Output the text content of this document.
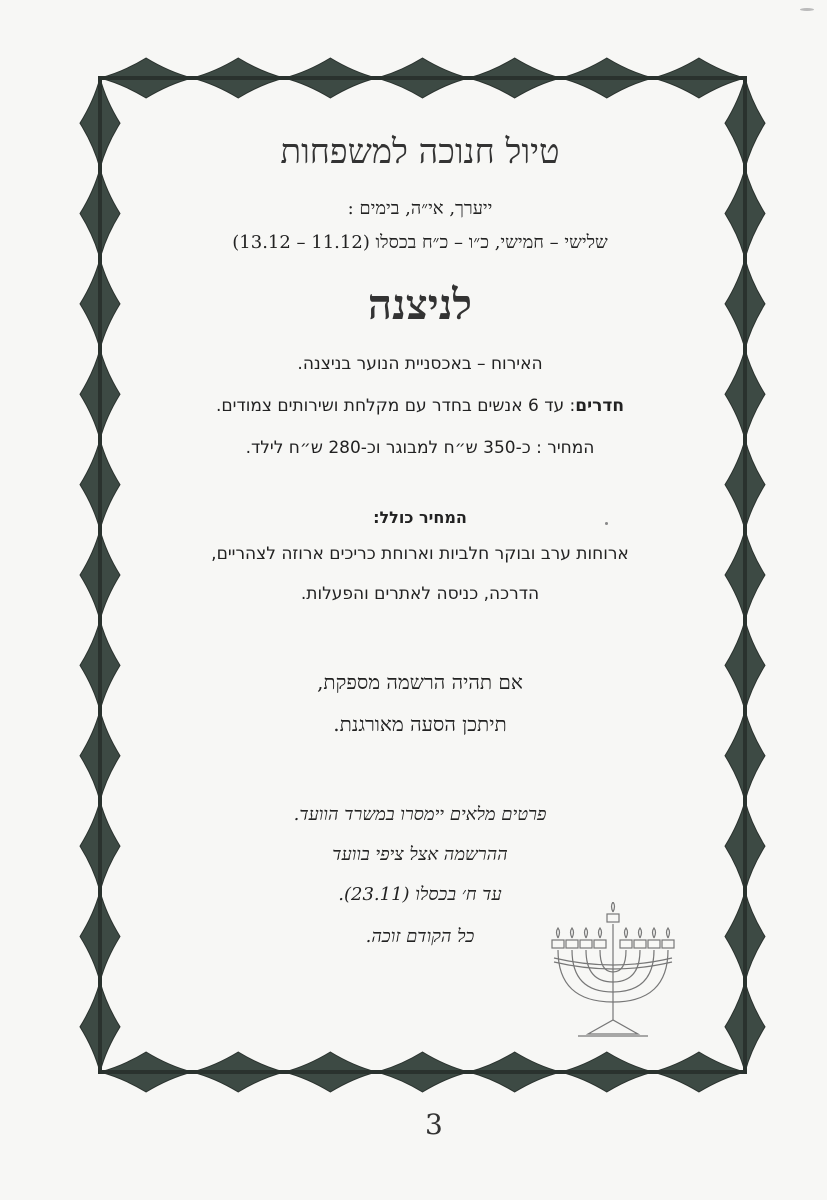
טיול חנוכה למשפחות
ייערך, אי״ה, בימים :
שלישי – חמישי, כ״ו – כ״ח בכסלו (11.12 – 13.12)
לניצנה
האירוח – באכסניית הנוער בניצנה.
חדרים: עד 6 אנשים בחדר עם מקלחת ושירותים צמודים.
המחיר : כ-350 ש״ח למבוגר וכ-280 ש״ח לילד.
המחיר כולל:
ארוחות ערב ובוקר חלביות וארוחת כריכים ארוזה לצהריים,
הדרכה, כניסה לאתרים והפעלות.
אם תהיה הרשמה מספקת,
תיתכן הסעה מאורגנת.
פרטים מלאים יימסרו במשרד הוועד.
ההרשמה אצל ציפי בוועד
עד ח׳ בכסלו (23.11).
כל הקודם זוכה.
3
